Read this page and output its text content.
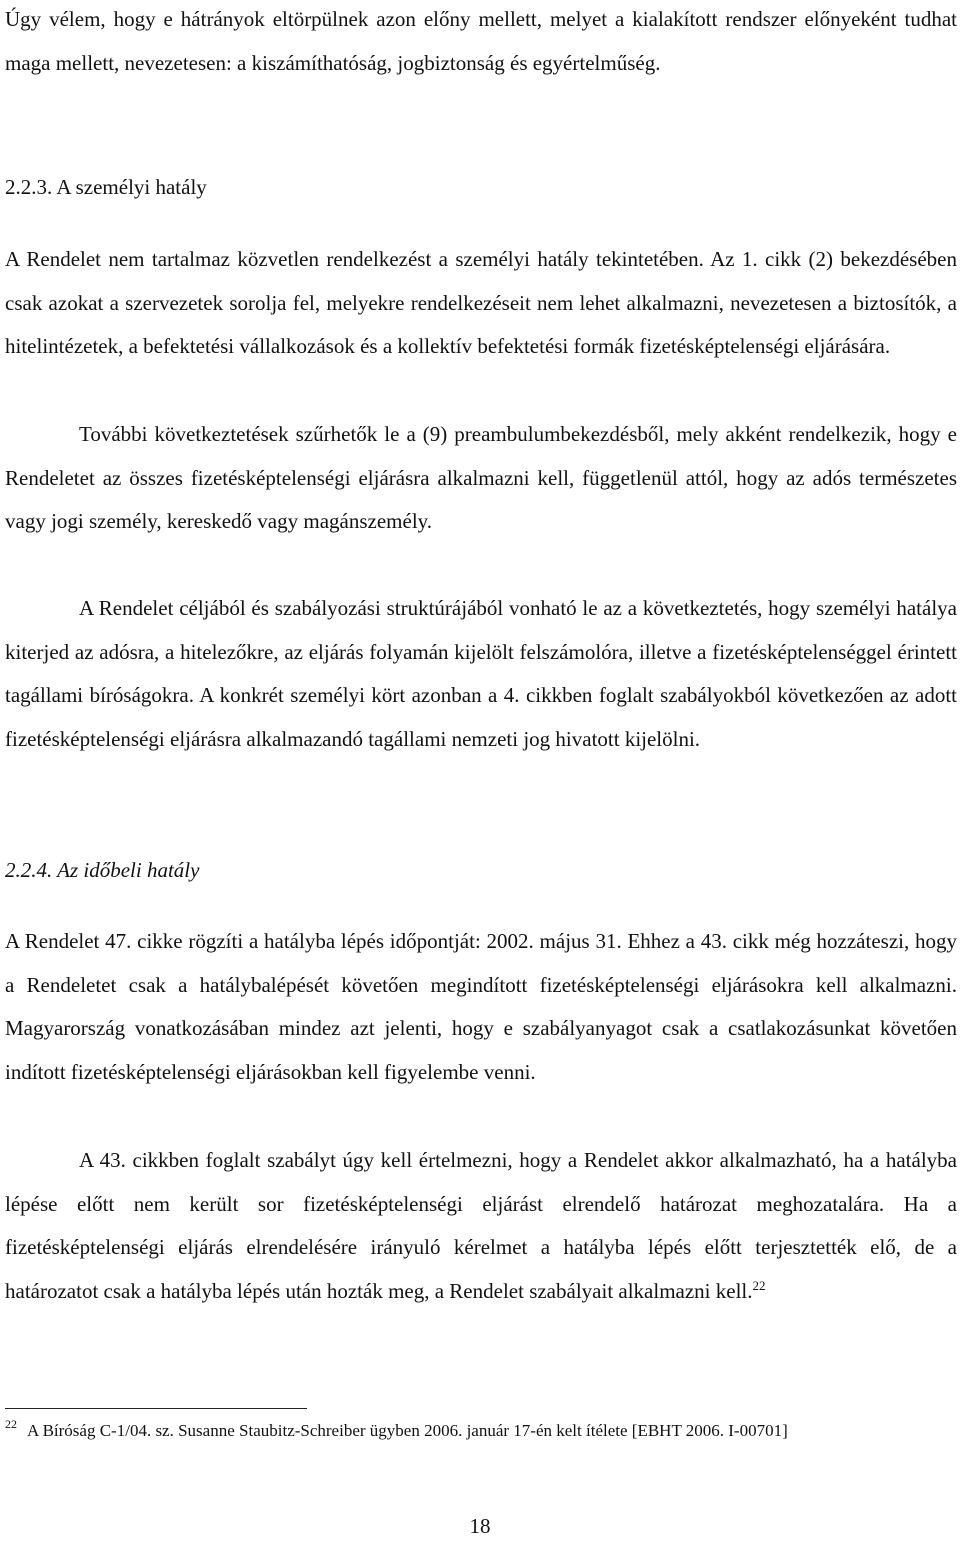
Úgy vélem, hogy e hátrányok eltörpülnek azon előny mellett, melyet a kialakított rendszer előnyeként tudhat maga mellett, nevezetesen: a kiszámíthatóság, jogbiztonság és egyértelműség.

2.2.3. A személyi hatály

A Rendelet nem tartalmaz közvetlen rendelkezést a személyi hatály tekintetében. Az 1. cikk (2) bekezdésében csak azokat a szervezetek sorolja fel, melyekre rendelkezéseit nem lehet alkalmazni, nevezetesen a biztosítók, a hitelintézetek, a befektetési vállalkozások és a kollektív befektetési formák fizetésképtelenségi eljárására.

További következtetések szűrhetők le a (9) preambulumbekezdésből, mely akként rendelkezik, hogy e Rendeletet az összes fizetésképtelenségi eljárásra alkalmazni kell, függetlenül attól, hogy az adós természetes vagy jogi személy, kereskedő vagy magánszemély.

A Rendelet céljából és szabályozási struktúrájából vonható le az a következtetés, hogy személyi hatálya kiterjed az adósra, a hitelezőkre, az eljárás folyamán kijelölt felszámolóra, illetve a fizetésképtelenséggel érintett tagállami bíróságokra. A konkrét személyi kört azonban a 4. cikkben foglalt szabályokból következően az adott fizetésképtelenségi eljárásra alkalmazandó tagállami nemzeti jog hivatott kijelölni.

2.2.4. Az időbeli hatály

A Rendelet 47. cikke rögzíti a hatályba lépés időpontját: 2002. május 31. Ehhez a 43. cikk még hozzáteszi, hogy a Rendeletet csak a hatálybalépését követően megindított fizetésképtelenségi eljárásokra kell alkalmazni. Magyarország vonatkozásában mindez azt jelenti, hogy e szabályanyagot csak a csatlakozásunkat követően indított fizetésképtelenségi eljárásokban kell figyelembe venni.

A 43. cikkben foglalt szabályt úgy kell értelmezni, hogy a Rendelet akkor alkalmazható, ha a hatályba lépése előtt nem került sor fizetésképtelenségi eljárást elrendelő határozat meghozatalára. Ha a fizetésképtelenségi eljárás elrendelésére irányuló kérelmet a hatályba lépés előtt terjesztették elő, de a határozatot csak a hatályba lépés után hozták meg, a Rendelet szabályait alkalmazni kell.$^{22}$

$^{22}$ A Bíróság C-1/04. sz. Susanne Staubitz-Schreiber ügyben 2006. január 17-én kelt ítélete [EBHT 2006. I-00701]
18
